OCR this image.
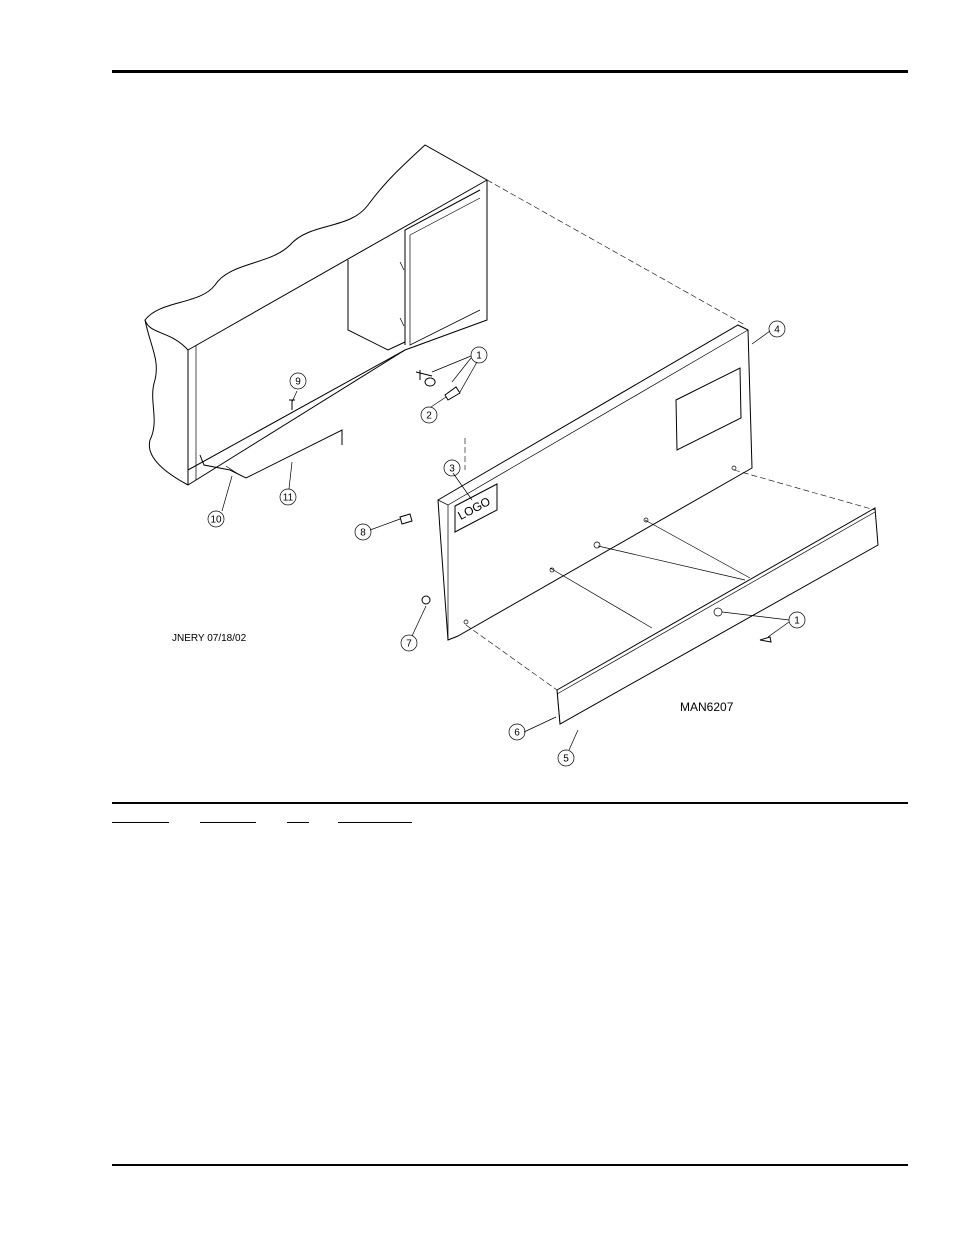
LOGO
1
2
3
4
5
6
7
8
9
10
11
1
JNERY 07/18/02
MAN6207
